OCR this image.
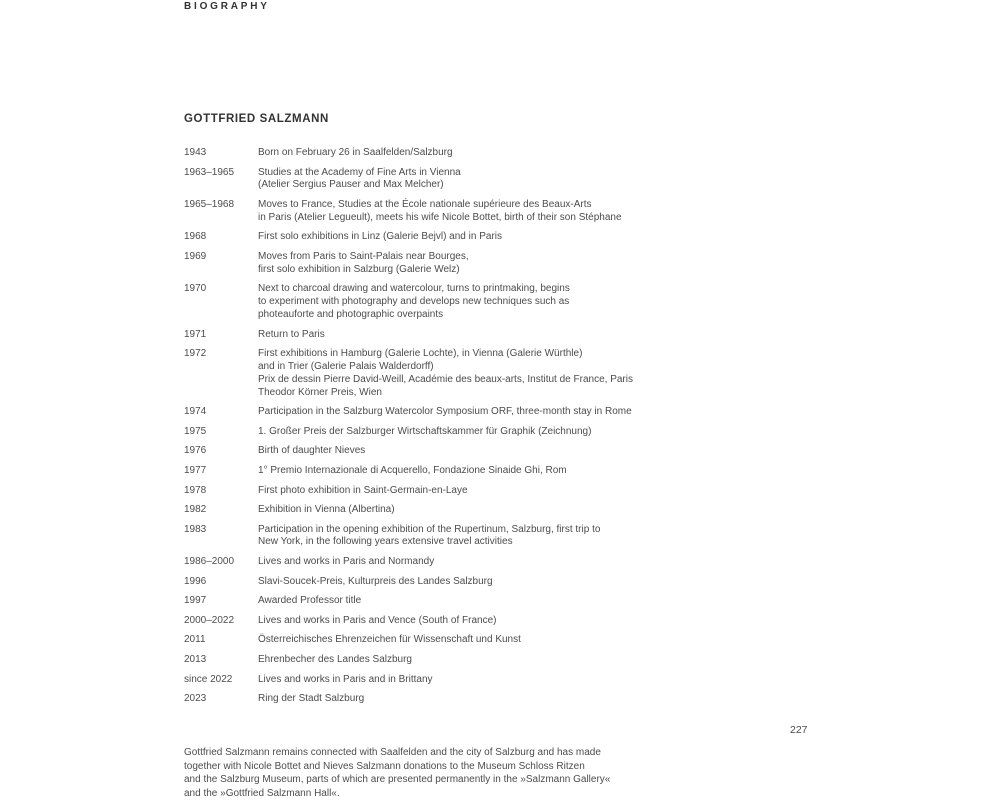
BIOGRAPHY
GOTTFRIED SALZMANN
1943	Born on February 26 in Saalfelden/Salzburg
1963–1965	Studies at the Academy of Fine Arts in Vienna
(Atelier Sergius Pauser and Max Melcher)
1965–1968	Moves to France, Studies at the École nationale supérieure des Beaux-Arts
in Paris (Atelier Legueult), meets his wife Nicole Bottet, birth of their son Stéphane
1968	First solo exhibitions in Linz (Galerie Bejvl) and in Paris
1969	Moves from Paris to Saint-Palais near Bourges,
first solo exhibition in Salzburg (Galerie Welz)
1970	Next to charcoal drawing and watercolour, turns to printmaking, begins
to experiment with photography and develops new techniques such as
photeauforte and photographic overpaints
1971	Return to Paris
1972	First exhibitions in Hamburg (Galerie Lochte), in Vienna (Galerie Würthle)
and in Trier (Galerie Palais Walderdorff)
Prix de dessin Pierre David-Weill, Académie des beaux-arts, Institut de France, Paris
Theodor Körner Preis, Wien
1974	Participation in the Salzburg Watercolor Symposium ORF, three-month stay in Rome
1975	1. Großer Preis der Salzburger Wirtschaftskammer für Graphik (Zeichnung)
1976	Birth of daughter Nieves
1977	1° Premio Internazionale di Acquerello, Fondazione Sinaide Ghi, Rom
1978	First photo exhibition in Saint-Germain-en-Laye
1982	Exhibition in Vienna (Albertina)
1983	Participation in the opening exhibition of the Rupertinum, Salzburg, first trip to
New York, in the following years extensive travel activities
1986–2000	Lives and works in Paris and Normandy
1996	Slavi-Soucek-Preis, Kulturpreis des Landes Salzburg
1997	Awarded Professor title
2000–2022	Lives and works in Paris and Vence (South of France)
2011	Österreichisches Ehrenzeichen für Wissenschaft und Kunst
2013	Ehrenbecher des Landes Salzburg
since 2022	Lives and works in Paris and in Brittany
2023	Ring der Stadt Salzburg
227
Gottfried Salzmann remains connected with Saalfelden and the city of Salzburg and has made
together with Nicole Bottet and Nieves Salzmann donations to the Museum Schloss Ritzen
and the Salzburg Museum, parts of which are presented permanently in the »Salzmann Gallery«
and the »Gottfried Salzmann Hall«.
